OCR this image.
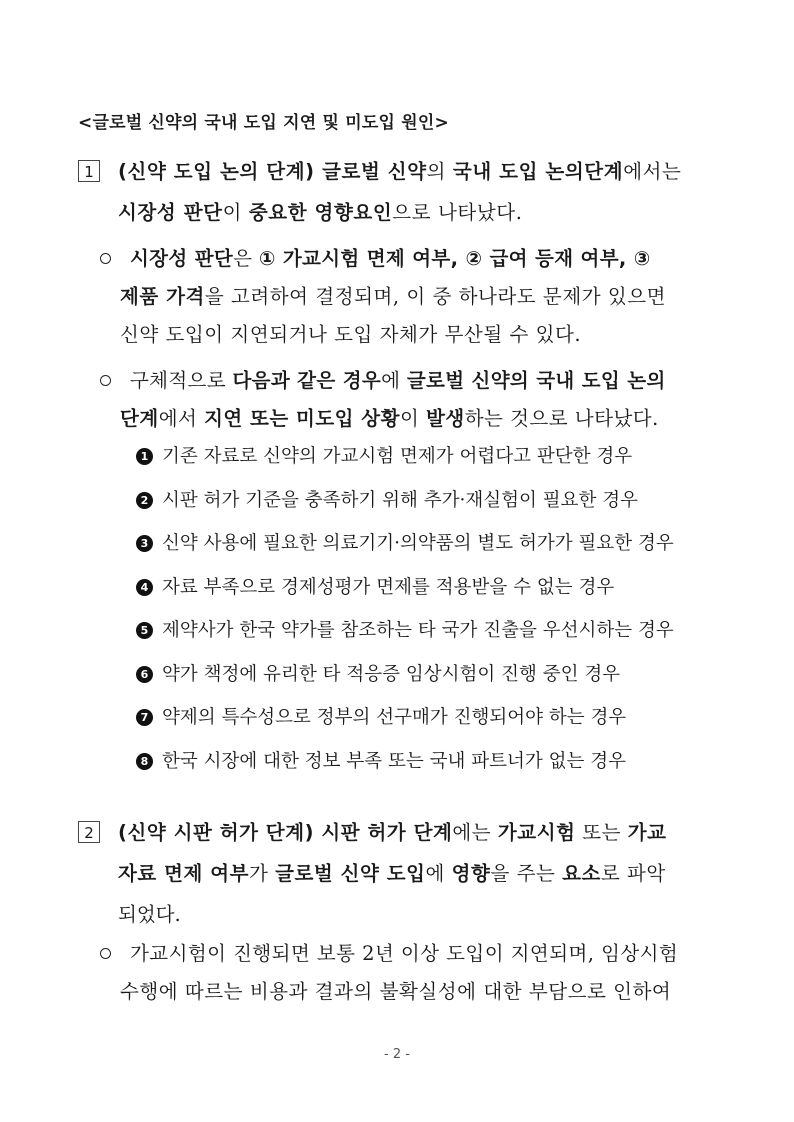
<글로벌 신약의 국내 도입 지연 및 미도입 원인>
1	(신약 도입 논의 단계) 글로벌 신약의 국내 도입 논의단계에서는
시장성 판단이 중요한 영향요인으로 나타났다.
시장성 판단은 ① 가교시험 면제 여부, ② 급여 등재 여부, ③
제품 가격을 고려하여 결정되며, 이 중 하나라도 문제가 있으면
신약 도입이 지연되거나 도입 자체가 무산될 수 있다.
구체적으로 다음과 같은 경우에 글로벌 신약의 국내 도입 논의
단계에서 지연 또는 미도입 상황이 발생하는 것으로 나타났다.
1 기존 자료로 신약의 가교시험 면제가 어렵다고 판단한 경우
2 시판 허가 기준을 충족하기 위해 추가·재실험이 필요한 경우
3 신약 사용에 필요한 의료기기·의약품의 별도 허가가 필요한 경우
4 자료 부족으로 경제성평가 면제를 적용받을 수 없는 경우
5 제약사가 한국 약가를 참조하는 타 국가 진출을 우선시하는 경우
6 약가 책정에 유리한 타 적응증 임상시험이 진행 중인 경우
7 약제의 특수성으로 정부의 선구매가 진행되어야 하는 경우
8 한국 시장에 대한 정보 부족 또는 국내 파트너가 없는 경우
2	(신약 시판 허가 단계) 시판 허가 단계에는 가교시험 또는 가교
자료 면제 여부가 글로벌 신약 도입에 영향을 주는 요소로 파악
되었다.
가교시험이 진행되면 보통 2년 이상 도입이 지연되며, 임상시험
수행에 따르는 비용과 결과의 불확실성에 대한 부담으로 인하여
- 2 -
